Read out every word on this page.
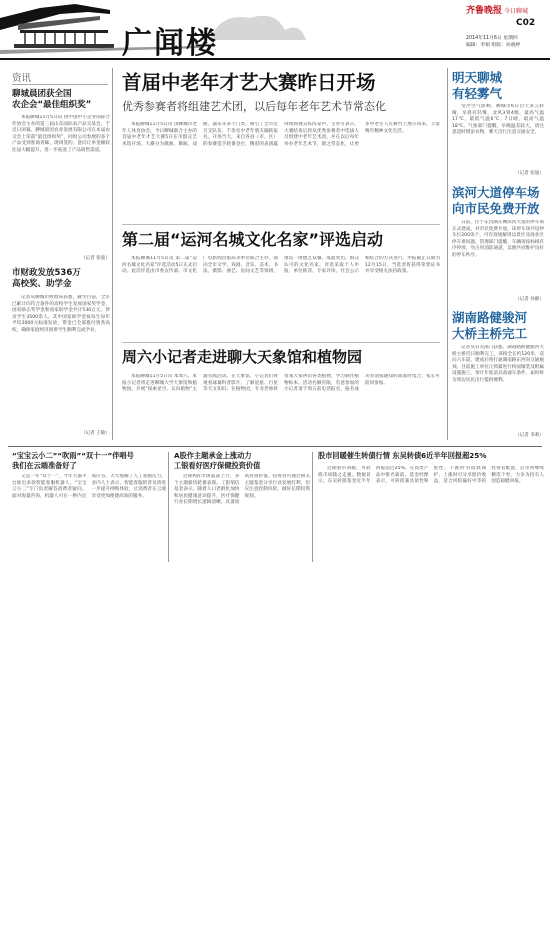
广闻楼
齐鲁晚报 今日聊城
C02
2014年11月6日 星期四
编辑：李娟 组版：孙晓婷
资讯
聊城晨团获全国
农企会“最佳组织奖”

本报聊城11月5日讯 由中国中小企业国际合作协会主办的第三届山东国际农产品交易会，于近日闭幕。聊城晨团农业发展有限公司在本届农交会上荣获“最佳组织奖”，同时公司参展的多个产品受到客商青睐，现场签约、意向订单金额较往届大幅提升，进一步拓宽了产品销售渠道。

（记者 张迪）
市财政发放536万
高校奖、助学金

记者从聊城市财政局获悉，截至目前，全市已累计向符合条件的高校学生发放国家奖学金、国家励志奖学金和国家助学金共计536万元，涉及学生3500余人。其中国家助学金按每生每年平均2000元标准发放，资金已全部拨付到各高校，确保家庭经济困难学生顺利完成学业。

（记者 王敏）
首届中老年才艺大赛昨日开场
优秀参赛者将组建艺术团，以后每年老年艺术节常态化

本报聊城11月5日讯 由聊城市老年人体育协会、今日聊城联合主办的首届中老年才艺大赛5日在市群众艺术馆开场。大赛分为歌曲、舞蹈、戏曲、器乐等多个门类，吸引了全市近百支队伍、千余名中老年朋友踊跃报名。开场当天，来自各县（市、区）的参赛选手轮番登台，精彩的表演赢得现场观众阵阵掌声。主办方表示，大赛结束后将从优秀参赛者中选拔人员组建中老年艺术团，并在以后每年举办老年艺术节，使之常态化，让更多中老年人在舞台上展示风采，丰富晚年精神文化生活。

第二届“运河名城文化名家”评选启动

本报聊城11月5日讯 第二届“运河名城文化名家”评选活动5日正式启动。此次评选由市委宣传部、市文化广电新闻出版局等单位联合主办，面向全市文学、戏剧、音乐、美术、书法、摄影、曲艺、民间文艺等领域，推选一批德艺双馨、成就突出、群众认可的文化名家。评选采取个人申报、单位推荐、专家评审、社会公示相结合的方式进行，申报截止日期为12月15日，当选者将获得荣誉证书并享受相关扶持政策。

周六小记者走进聊大天象馆和植物园

本报聊城11月5日讯 本周六，本报小记者将走进聊城大学天象馆和植物园，开展“探索星空、认识植物”主题实践活动。在天象馆，小记者们将观看球幕科普影片，了解星座、行星等天文知识；在植物园，专业老师将带领大家辨识各类植物，学习制作植物标本。活动名额有限，有意参加的小记者请于周五前电话报名，报名成功者请按通知时间准时集合，家长可陪同参加。

明天聊城
有轻雾气

受冷空气影响，聊城市6日白天多云转晴，早晨有轻雾，北风3到4级，最高气温17℃，最低气温6℃；7日晴，最高气温18℃。气象部门提醒，早晚温差较大，请注意适时增添衣物，雾天出行注意交通安全。

（记者 张迪）
滨河大道停车场
向市民免费开放

日前，位于东昌湖东侧滨河大道的停车场正式建成，对市民免费开放。该停车场共设停车位200余个，可有效缓解周边景区及商业区停车难问题。管理部门提醒，车辆请按标线有序停放，勿占用消防通道，以便共同维护良好的停车秩序。

（记者 孙静）
湖南路健骏河
大桥主桥完工

记者从有关部门获悉，湖南路跨健骏河大桥主桥近日顺利完工。该桥全长约120米，双向六车道，建成后将打通湖南路东西向交通瓶颈。目前施工单位正抓紧进行桥面铺装及附属设施施工，预计年底前具备通车条件，届时将为周边居民出行提供便利。

（记者 李莉）
“宝宝云小二”“吹雨”“双十一”伴唱号
我们在云端准备好了

又是一年“双十一”，今年天猫平台推出多款智能客服机器人，“宝宝云小二”专门负责解答消费者疑问。面对海量咨询，机器人可在一秒内完成应答，大大缓解了人工客服压力。业内人士表示，智能客服的普及将进一步提升网购体验，让消费者在云端享受更加便捷高效的服务。

A股作主题承金上涨动力
工银看好医疗保健投资价值

近期A股市场震荡上行，多个主题板块轮番表现。工银瑞信基金表示，随着人口老龄化加快和居民健康意识提升，医疗保健行业长期增长逻辑清晰，具备较高投资价值。投资者可通过相关主题基金分享行业发展红利，但应注意控制风险，做好长期投资规划。

股市回暖催生转债行情 东吴转债6近半年回报超25%

近期股市回暖，可转债市场随之走强。数据显示，东吴转债基金近半年回报超过25%，在同类产品中排名靠前。基金经理表示，可转债兼具债性和股性，下跌时有债底保护，上涨时可分享股价收益，适合风险偏好中等的投资者配置，后市将继续精选个券，力争为持有人创造稳健回报。
